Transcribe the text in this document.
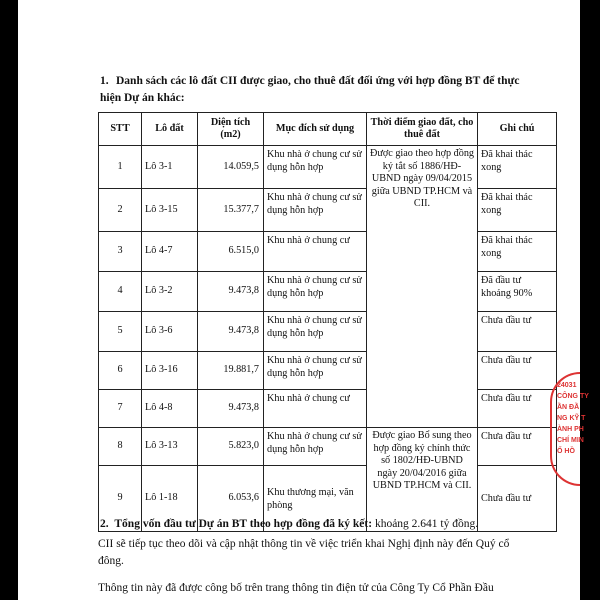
1. Danh sách các lô đất CII được giao, cho thuê đất đối ứng với hợp đồng BT để thực hiện Dự án khác:
STT	Lô đất	Diện tích (m2)	Mục đích sử dụng	Thời điểm giao đất, cho thuê đất	Ghi chú
1	Lô 3-1	14.059,5	Khu nhà ở chung cư sử dụng hỗn hợp	Được giao theo hợp đồng ký tắt số 1886/HĐ-UBND ngày 09/04/2015 giữa UBND TP.HCM và CII.	Đã khai thác xong
2	Lô 3-15	15.377,7	Khu nhà ở chung cư sử dụng hỗn hợp		Đã khai thác xong
3	Lô 4-7	6.515,0	Khu nhà ở chung cư		Đã khai thác xong
4	Lô 3-2	9.473,8	Khu nhà ở chung cư sử dụng hỗn hợp		Đã đầu tư khoảng 90%
5	Lô 3-6	9.473,8	Khu nhà ở chung cư sử dụng hỗn hợp		Chưa đầu tư
6	Lô 3-16	19.881,7	Khu nhà ở chung cư sử dụng hỗn hợp		Chưa đầu tư
7	Lô 4-8	9.473,8	Khu nhà ở chung cư		Chưa đầu tư
8	Lô 3-13	5.823,0	Khu nhà ở chung cư sử dụng hỗn hợp	Được giao Bổ sung theo hợp đồng ký chính thức số 1802/HĐ-UBND ngày 20/04/2016 giữa UBND TP.HCM và CII.	Chưa đầu tư
9	Lô 1-18	6.053,6	Khu thương mại, văn phòng		Chưa đầu tư
24031
CÔNG TY
ẦN ĐẦ
NG KỸ T
ÀNH PH
CHÍ MIN
Ố HỒ
2. Tổng vốn đầu tư Dự án BT theo hợp đồng đã ký kết: khoảng 2.641 tỷ đồng.
CII sẽ tiếp tục theo dõi và cập nhật thông tin về việc triển khai Nghị định này đến Quý cổ đông.
Thông tin này đã được công bố trên trang thông tin điện tử của Công Ty Cổ Phần Đầu
